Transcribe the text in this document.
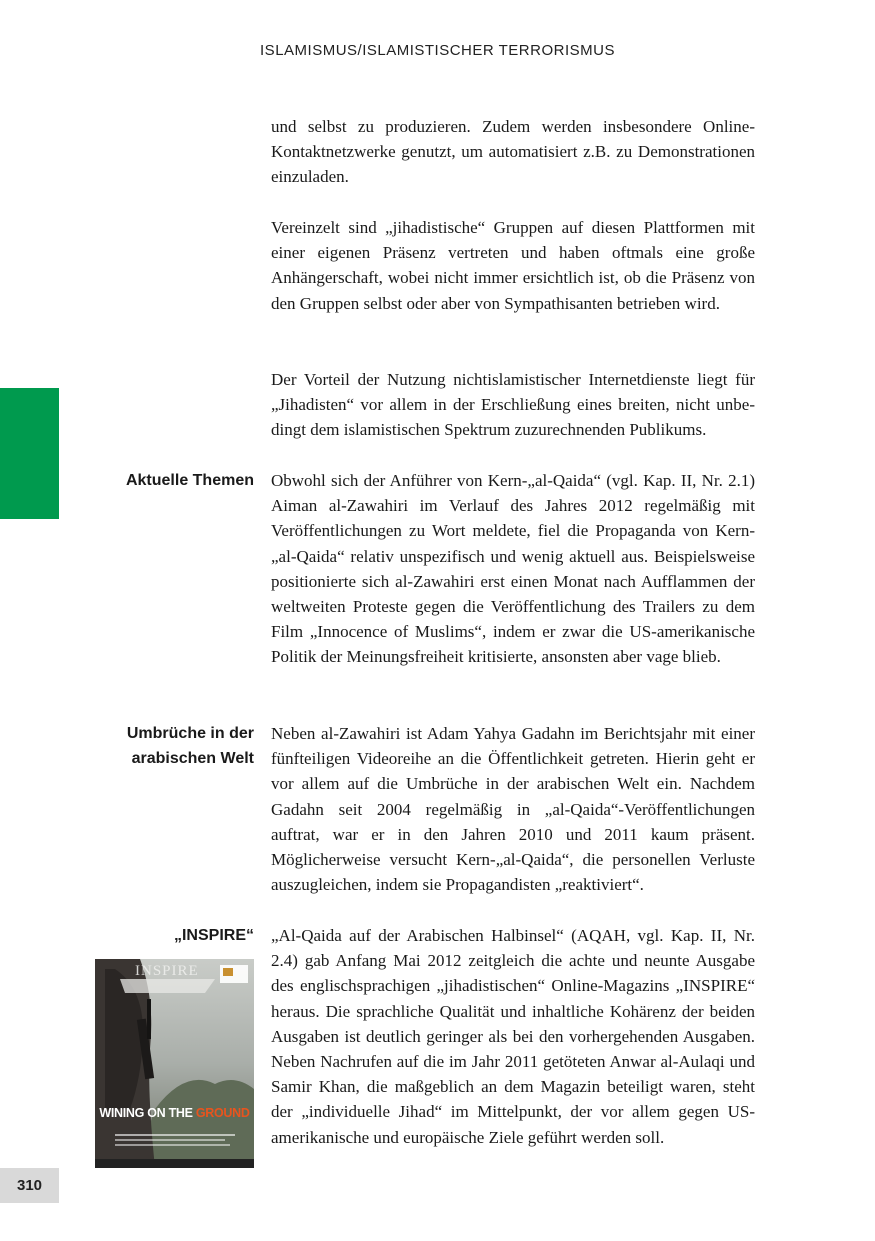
ISLAMISMUS/ISLAMISTISCHER TERRORISMUS

und selbst zu produzieren. Zudem werden insbesondere Online-Kontaktnetzwerke genutzt, um automatisiert z.B. zu Demonstrationen einzuladen.

Vereinzelt sind „jihadistische“ Gruppen auf diesen Plattformen mit einer eigenen Präsenz vertreten und haben oftmals eine große Anhängerschaft, wobei nicht immer ersichtlich ist, ob die Präsenz von den Gruppen selbst oder aber von Sympathisanten betrieben wird.

Der Vorteil der Nutzung nichtislamistischer Internetdienste liegt für „Jihadisten“ vor allem in der Erschließung eines breiten, nicht unbedingt dem islamistischen Spektrum zuzurechnenden Publikums.

Aktuelle Themen Obwohl sich der Anführer von Kern-„al-Qaida“ (vgl. Kap. II, Nr. 2.1) Aiman al-Zawahiri im Verlauf des Jahres 2012 regelmäßig mit Veröffentlichungen zu Wort meldete, fiel die Propaganda von Kern-„al-Qaida“ relativ unspezifisch und wenig aktuell aus. Beispielsweise positionierte sich al-Zawahiri erst einen Monat nach Aufflammen der weltweiten Proteste gegen die Veröffentlichung des Trailers zu dem Film „Innocence of Muslims“, indem er zwar die US-amerikanische Politik der Meinungsfreiheit kritisierte, ansonsten aber vage blieb.

Umbrüche in der
arabischen Welt

Neben al-Zawahiri ist Adam Yahya Gadahn im Berichtsjahr mit einer fünfteiligen Videoreihe an die Öffentlichkeit getreten. Hierin geht er vor allem auf die Umbrüche in der arabischen Welt ein. Nachdem Gadahn seit 2004 regelmäßig in „al-Qaida“-Veröffentlichungen auftrat, war er in den Jahren 2010 und 2011 kaum präsent. Möglicherweise versucht Kern-„al-Qaida“, die personellen Verluste auszugleichen, indem sie Propagandisten „reaktiviert“.

„INSPIRE“ „Al-Qaida auf der Arabischen Halbinsel“ (AQAH, vgl. Kap. II, Nr. 2.4) gab Anfang Mai 2012 zeitgleich die achte und neunte Ausgabe des englischsprachigen „jihadistischen“ Online-Magazins „INSPIRE“ heraus. Die sprachliche Qualität und inhaltliche Kohärenz der beiden Ausgaben ist deutlich geringer als bei den vorhergehenden Ausgaben. Neben Nachrufen auf die im Jahr 2011 getöteten Anwar al-Aulaqi und Samir Khan, die maßgeblich an dem Magazin beteiligt waren, steht der „individuelle Jihad“ im Mittelpunkt, der vor allem gegen US-amerikanische und europäische Ziele geführt werden soll.

INSPIRE
WINING ON THE GROUND
310
